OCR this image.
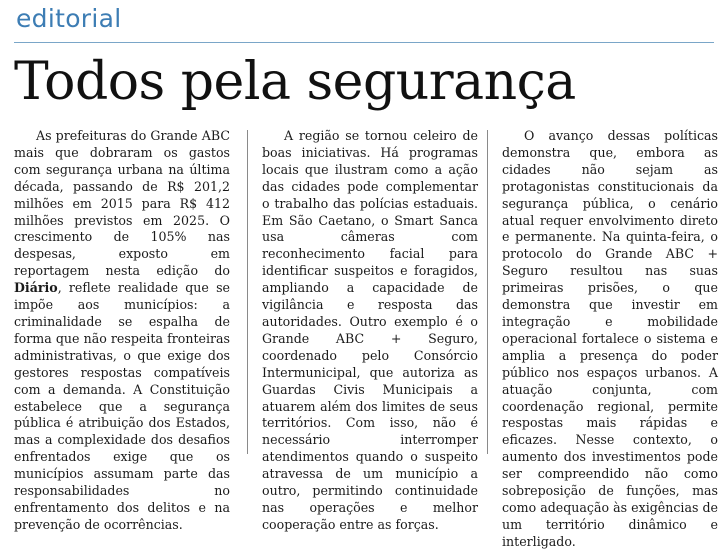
editorial
Todos pela segurança

As prefeituras do Grande ABC mais que dobraram os gastos com segurança urbana na última década, passando de R$ 201,2 milhões em 2015 para R$ 412 milhões previstos em 2025. O crescimento de 105% nas despesas, exposto em reportagem nesta edição do Diário, reflete realidade que se impõe aos municípios: a criminalidade se espalha de forma que não respeita fronteiras administrativas, o que exige dos gestores respostas compatíveis com a demanda. A Constituição estabelece que a segurança pública é atribuição dos Estados, mas a complexidade dos desafios enfrentados exige que os municípios assumam parte das responsabilidades no enfrentamento dos delitos e na prevenção de ocorrências.

A região se tornou celeiro de boas iniciativas. Há programas locais que ilustram como a ação das cidades pode complementar o trabalho das polícias estaduais. Em São Caetano, o Smart Sanca usa câmeras com reconhecimento facial para identificar suspeitos e foragidos, ampliando a capacidade de vigilância e resposta das autoridades. Outro exemplo é o Grande ABC + Seguro, coordenado pelo Consórcio Intermunicipal, que autoriza as Guardas Civis Municipais a atuarem além dos limites de seus territórios. Com isso, não é necessário interromper atendimentos quando o suspeito atravessa de um município a outro, permitindo continuidade nas operações e melhor cooperação entre as forças.

O avanço dessas políticas demonstra que, embora as cidades não sejam as protagonistas constitucionais da segurança pública, o cenário atual requer envolvimento direto e permanente. Na quinta-feira, o protocolo do Grande ABC + Seguro resultou nas suas primeiras prisões, o que demonstra que investir em integração e mobilidade operacional fortalece o sistema e amplia a presença do poder público nos espaços urbanos. A atuação conjunta, com coordenação regional, permite respostas mais rápidas e eficazes. Nesse contexto, o aumento dos investimentos pode ser compreendido não como sobreposição de funções, mas como adequação às exigências de um território dinâmico e interligado.
